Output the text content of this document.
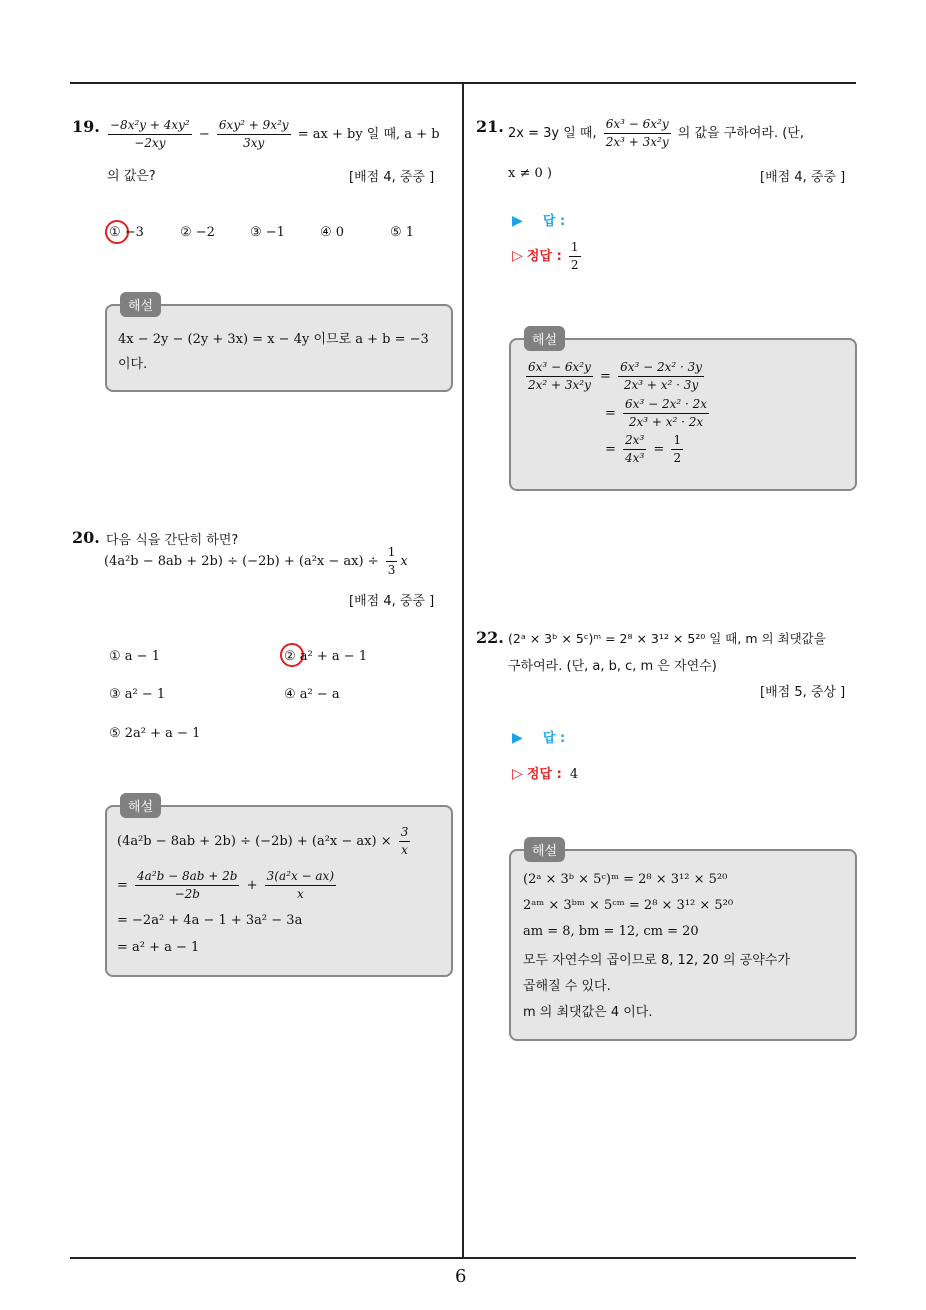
6
19. $\frac{\text{−8x²y + 4xy²}}{-2xy} - \frac{\text{6xy² + 9x²y}}{3xy}$ = ax + by 일 때, a + b
의 값은?	[배점 4, 중중 ]
① −3	② −2	③ −1	④ 0	⑤ 1
해설
4x − 2y − (2y + 3x) = x − 4y 이므로 a + b = −3
이다.
20. 다음 식을 간단히 하면?
$(4a^2b - 8ab + 2b) \div (-2b) + (a^2x - ax) \div \frac{1}{3}$ x
[배점 4, 중중 ]
① a − 1	② a² + a − 1
③ a² − 1	④ a² − a
⑤ 2a² + a − 1
해설
$(4a^2b - 8ab + 2b) \div (-2b) + (a^2x - ax) \times \frac{3}{x}$
= $\frac{\text{4a²b − 8ab + 2b}}{-2b} + \frac{\text{3(a²x − ax)}}{x}$
= −2a² + 4a − 1 + 3a² − 3a
= a² + a − 1
21. 2x = 3y 일 때, $\frac{\text{6x³ − 6x²y}}{\text{2x³ + 3x²y}}$ 의 값을 구하여라. (단,
x ≠ 0 )	[배점 4, 중중 ]
▶ 답 :
▷ 정답 : $\frac{1}{2}$
해설
$\frac{\text{6x³ − 6x²y}}{\text{2x² + 3x²y}} = \frac{\text{6x³ − 2x² · 3y}}{\text{2x³ + x² · 3y}}$
= $\frac{\text{6x³ − 2x² · 2x}}{\text{2x³ + x² · 2x}}$
= $\frac{\text{2x³}}{\text{4x³}} = \frac{1}{2}$
22. (2ᵃ × 3ᵇ × 5ᶜ)ᵐ = 2⁸ × 3¹² × 5²⁰ 일 때, m 의 최댓값을
구하여라. (단, a, b, c, m 은 자연수)
[배점 5, 중상 ]
▶ 답 :
▷ 정답 : 4
해설
(2ᵃ × 3ᵇ × 5ᶜ)ᵐ = 2⁸ × 3¹² × 5²⁰
2ᵃᵐ × 3ᵇᵐ × 5ᶜᵐ = 2⁸ × 3¹² × 5²⁰
am = 8, bm = 12, cm = 20
모두 자연수의 곱이므로 8, 12, 20 의 공약수가
곱해질 수 있다.
m 의 최댓값은 4 이다.
